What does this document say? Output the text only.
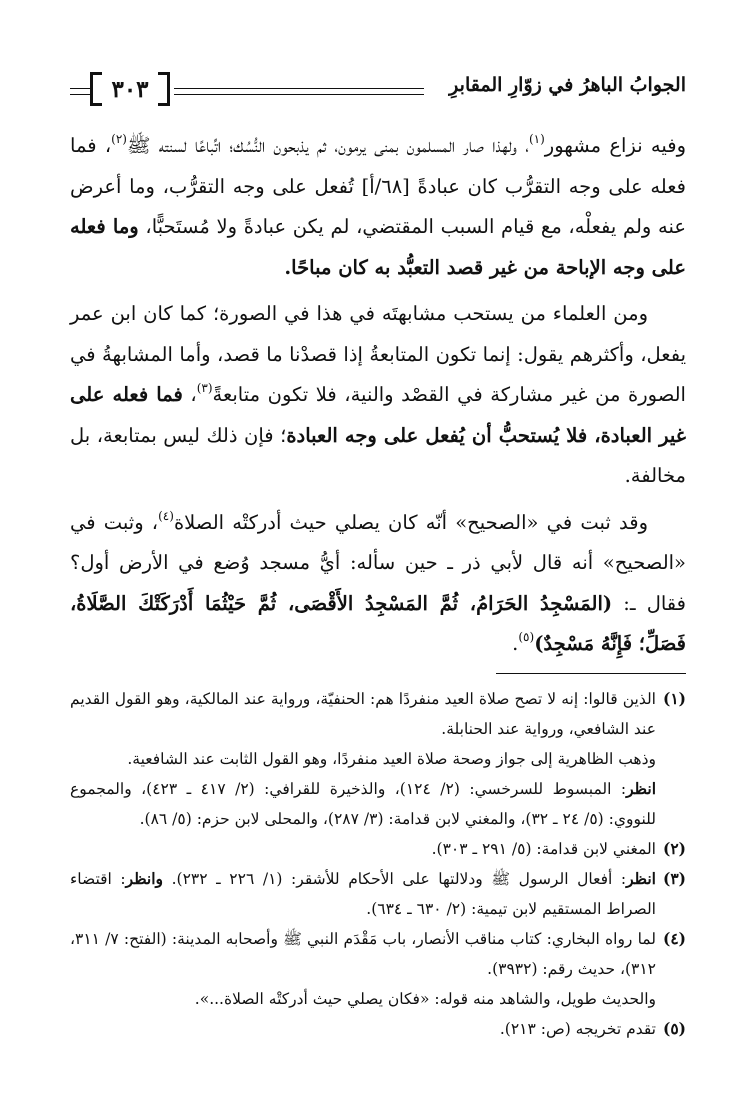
الجوابُ الباهرُ في زوّارِ المقابرِ
٣٠٣

وفيه نزاع مشهور$^{(١)}$، ولهذا صار المسلمون بمنى يرمون، ثم يذبحون النُّسُك؛ اتِّباعًا لسنته ﷺ$^{(٢)}$، فما فعله على وجه التقرُّب كان عبادةً [٦٨/أ] تُفعل على وجه التقرُّب، وما أعرض عنه ولم يفعلْه، مع قيام السبب المقتضي، لم يكن عبادةً ولا مُستَحبًّا، وما فعله على وجه الإباحة من غير قصد التعبُّد به كان مباحًا.

ومن العلماء من يستحب مشابهتَه في هذا في الصورة؛ كما كان ابن عمر يفعل، وأكثرهم يقول: إنما تكون المتابعةُ إذا قصدْنا ما قصد، وأما المشابهةُ في الصورة من غير مشاركة في القصْد والنية، فلا تكون متابعةً$^{(٣)}$، فما فعله على غير العبادة، فلا يُستحبُّ أن يُفعل على وجه العبادة؛ فإن ذلك ليس بمتابعة، بل مخالفة.

وقد ثبت في «الصحيح» أنّه كان يصلي حيث أدركتْه الصلاة$^{(٤)}$، وثبت في «الصحيح» أنه قال لأبي ذر ـ حين سأله: أيُّ مسجد وُضع في الأرض أول؟ فقال ـ: (المَسْجِدُ الحَرَامُ، ثُمَّ المَسْجِدُ الأَقْصَى، ثُمَّ حَيْثُمَا أَدْرَكَتْكَ الصَّلَاةُ، فَصَلِّ؛ فَإِنَّهُ مَسْجِدٌ)$^{(٥)}$.

(١)
الذين قالوا: إنه لا تصح صلاة العيد منفردًا هم: الحنفيّة، ورواية عند المالكية، وهو القول القديم عند الشافعي، ورواية عند الحنابلة.
وذهب الظاهرية إلى جواز وصحة صلاة العيد منفردًا، وهو القول الثابت عند الشافعية.
انظر: المبسوط للسرخسي: (٢/ ١٢٤)، والذخيرة للقرافي: (٢/ ٤١٧ ـ ٤٢٣)، والمجموع للنووي: (٥/ ٢٤ ـ ٣٢)، والمغني لابن قدامة: (٣/ ٢٨٧)، والمحلى لابن حزم: (٥/ ٨٦).
(٢)
المغني لابن قدامة: (٥/ ٢٩١ ـ ٣٠٣).
(٣)
انظر: أفعال الرسول ﷺ ودلالتها على الأحكام للأشقر: (١/ ٢٢٦ ـ ٢٣٢). وانظر: اقتضاء الصراط المستقيم لابن تيمية: (٢/ ٦٣٠ ـ ٦٣٤).
(٤)
لما رواه البخاري: كتاب مناقب الأنصار، باب مَقْدَم النبي ﷺ وأصحابه المدينة: (الفتح: ٧/ ٣١١، ٣١٢)، حديث رقم: (٣٩٣٢).
والحديث طويل، والشاهد منه قوله: «فكان يصلي حيث أدركتْه الصلاة...».
(٥)
تقدم تخريجه (ص: ٢١٣).
